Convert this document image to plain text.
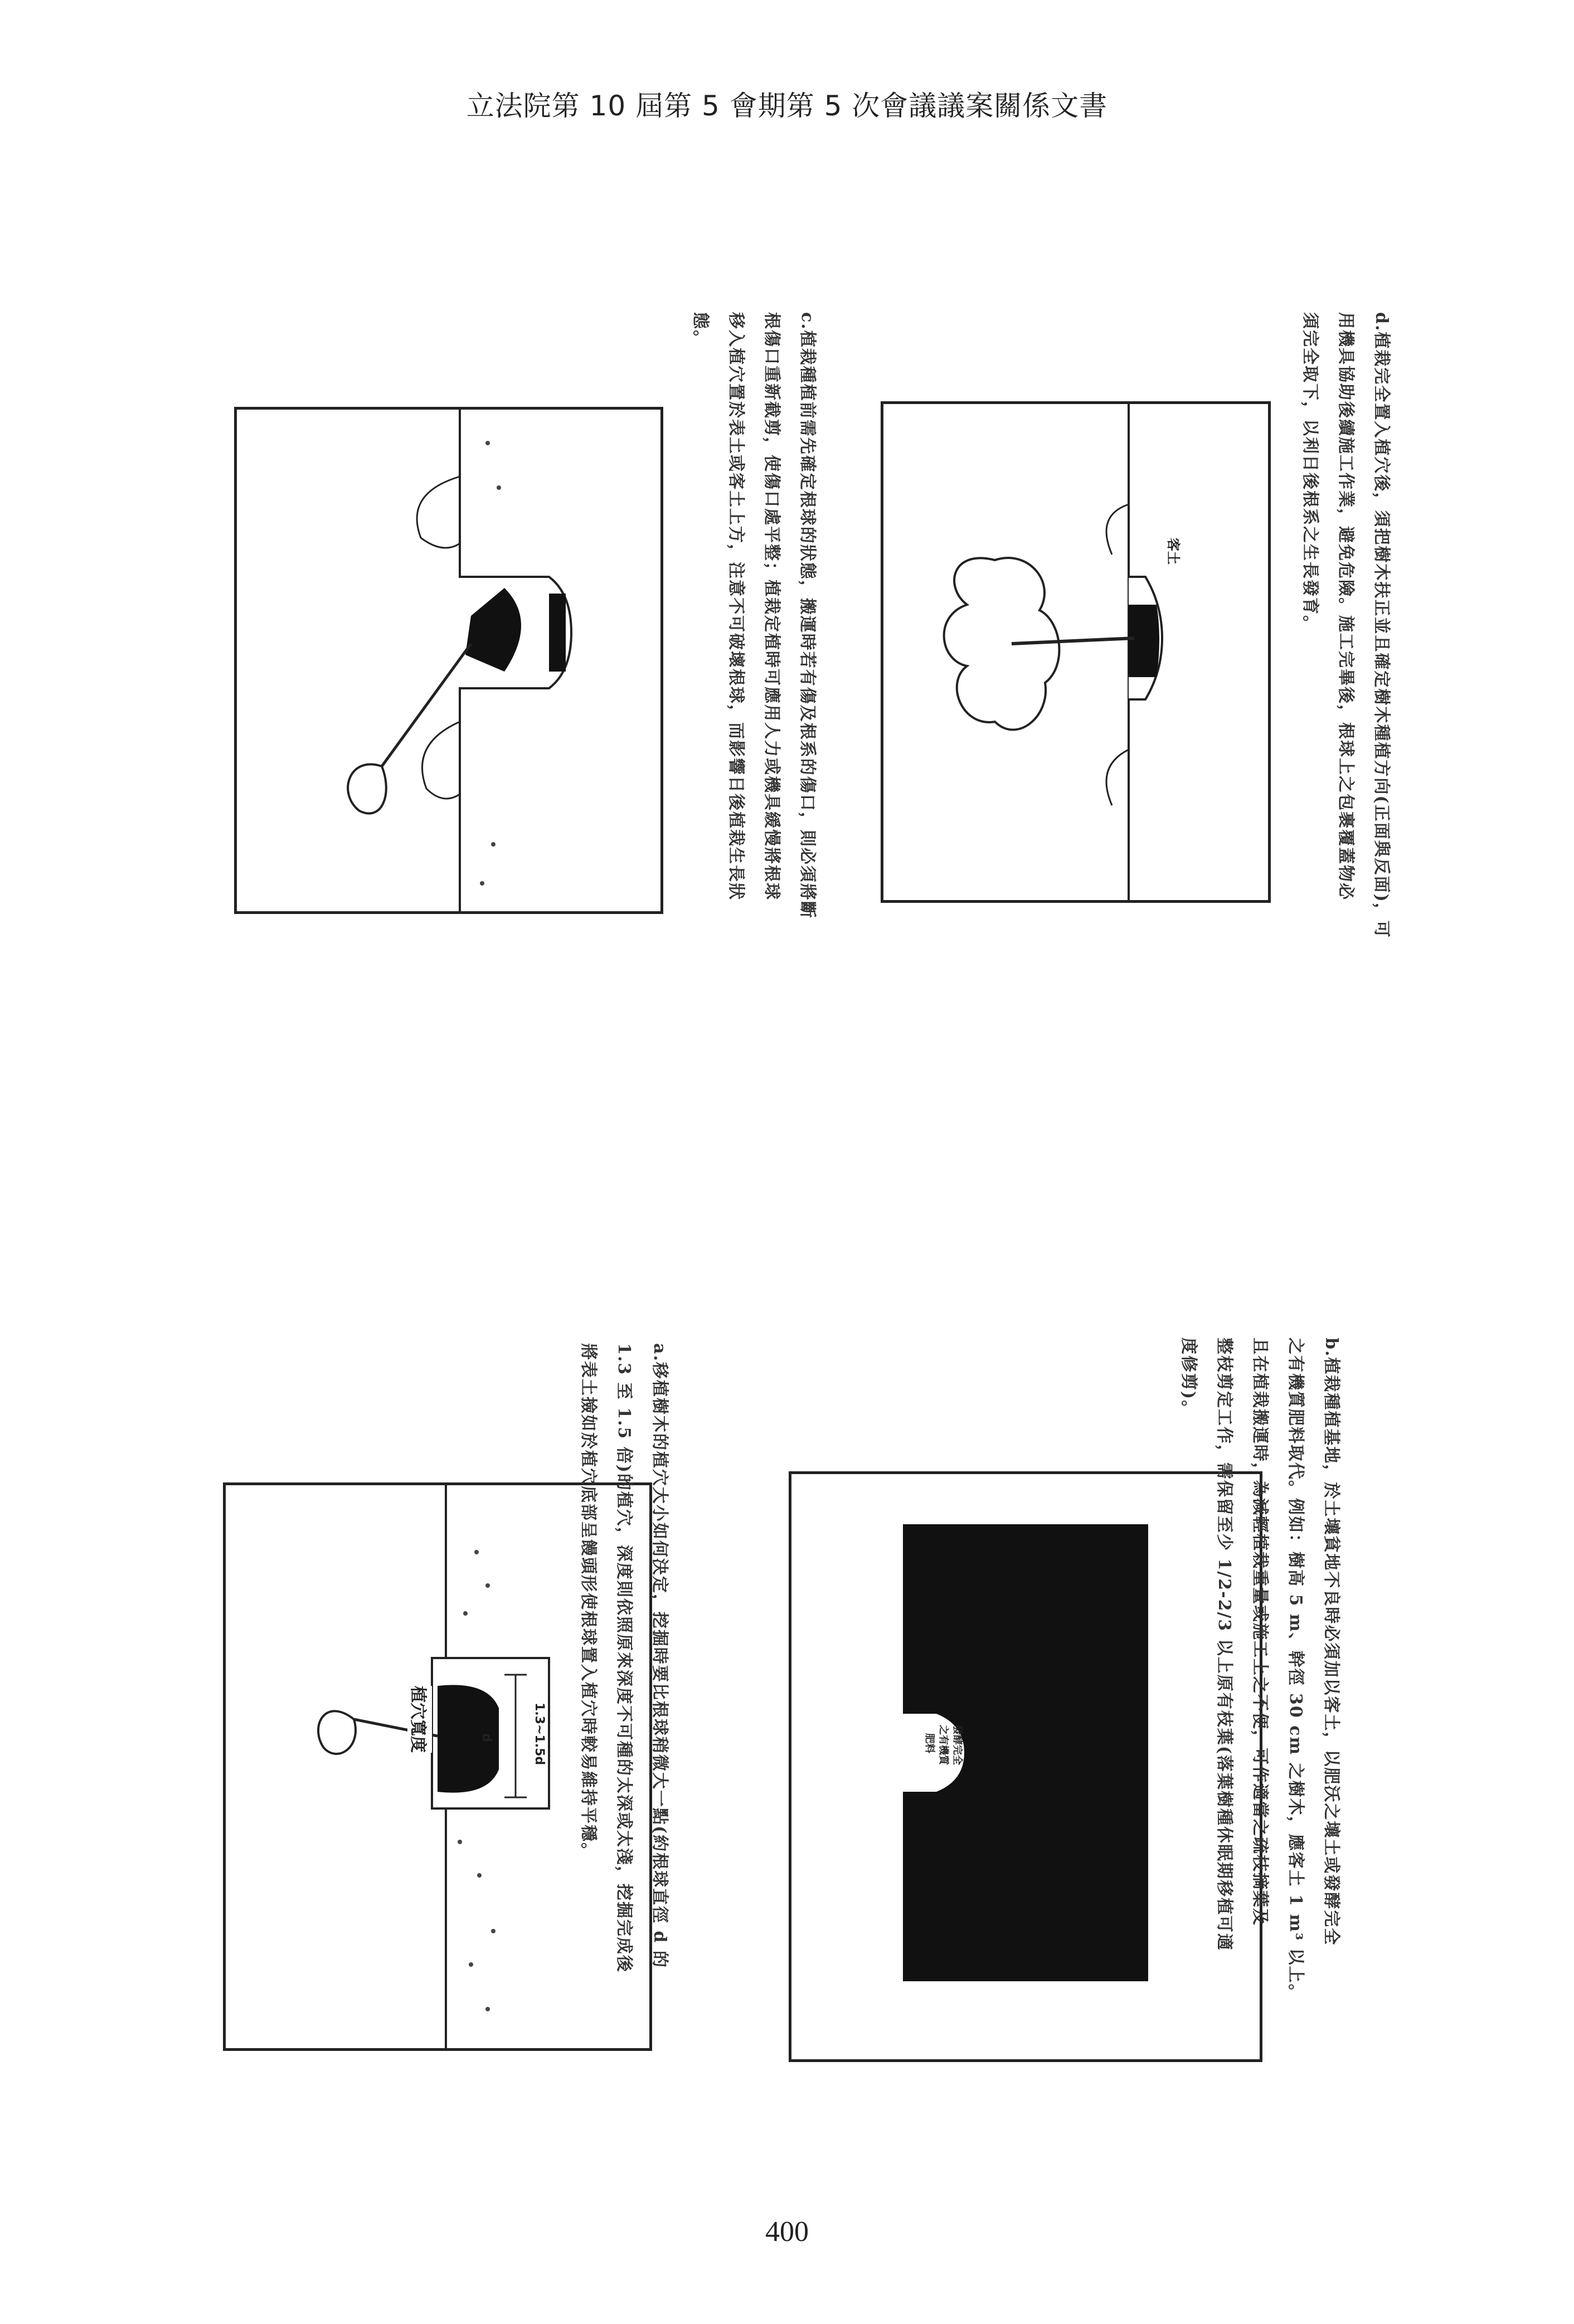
立法院第 10 屆第 5 會期第 5 次會議議案關係文書
植穴寬度	1.3~1.5d
d	發酵完全
之有機質
肥料
客土

a.移植樹木的植穴大小如何決定，挖掘時要比根球稍微大一點(約根球直徑 d 的

1.3 至 1.5 倍)的植穴，深度則依照原來深度不可種的太深或太淺，挖掘完成後

將表土撿如於植穴底部呈饅頭形使根球置入植穴時較易維持平穩。	b.植栽種植基地，於土壤貧地不良時必須加以客土，以肥沃之壤土或發酵完全

之有機質肥料取代。例如：樹高 5 m、幹徑 30 cm 之樹木，應客土 1 m³ 以上。

且在植栽搬運時，為減輕植栽重量或施工上之不便，可作適當之疏枝摘葉及

整枝剪定工作，需保留至少 1/2-2/3 以上原有枝葉(落葉樹種休眠期移植可適

度修剪)。

c.植栽種植前需先確定根球的狀態，搬運時若有傷及根系的傷口，則必須將斷

根傷口重新截剪，使傷口處平整；植栽定植時可應用人力或機具緩慢將根球

移入植穴置於表土或客土上方，注意不可破壞根球，而影響日後植栽生長狀

態。	d.植栽完全置入植穴後，須把樹木扶正並且確定樹木種植方向(正面與反面)，可

用機具協助後續施工作業，避免危險。施工完畢後，根球上之包裹覆蓋物必

須完全取下，以利日後根系之生長發育。

400
